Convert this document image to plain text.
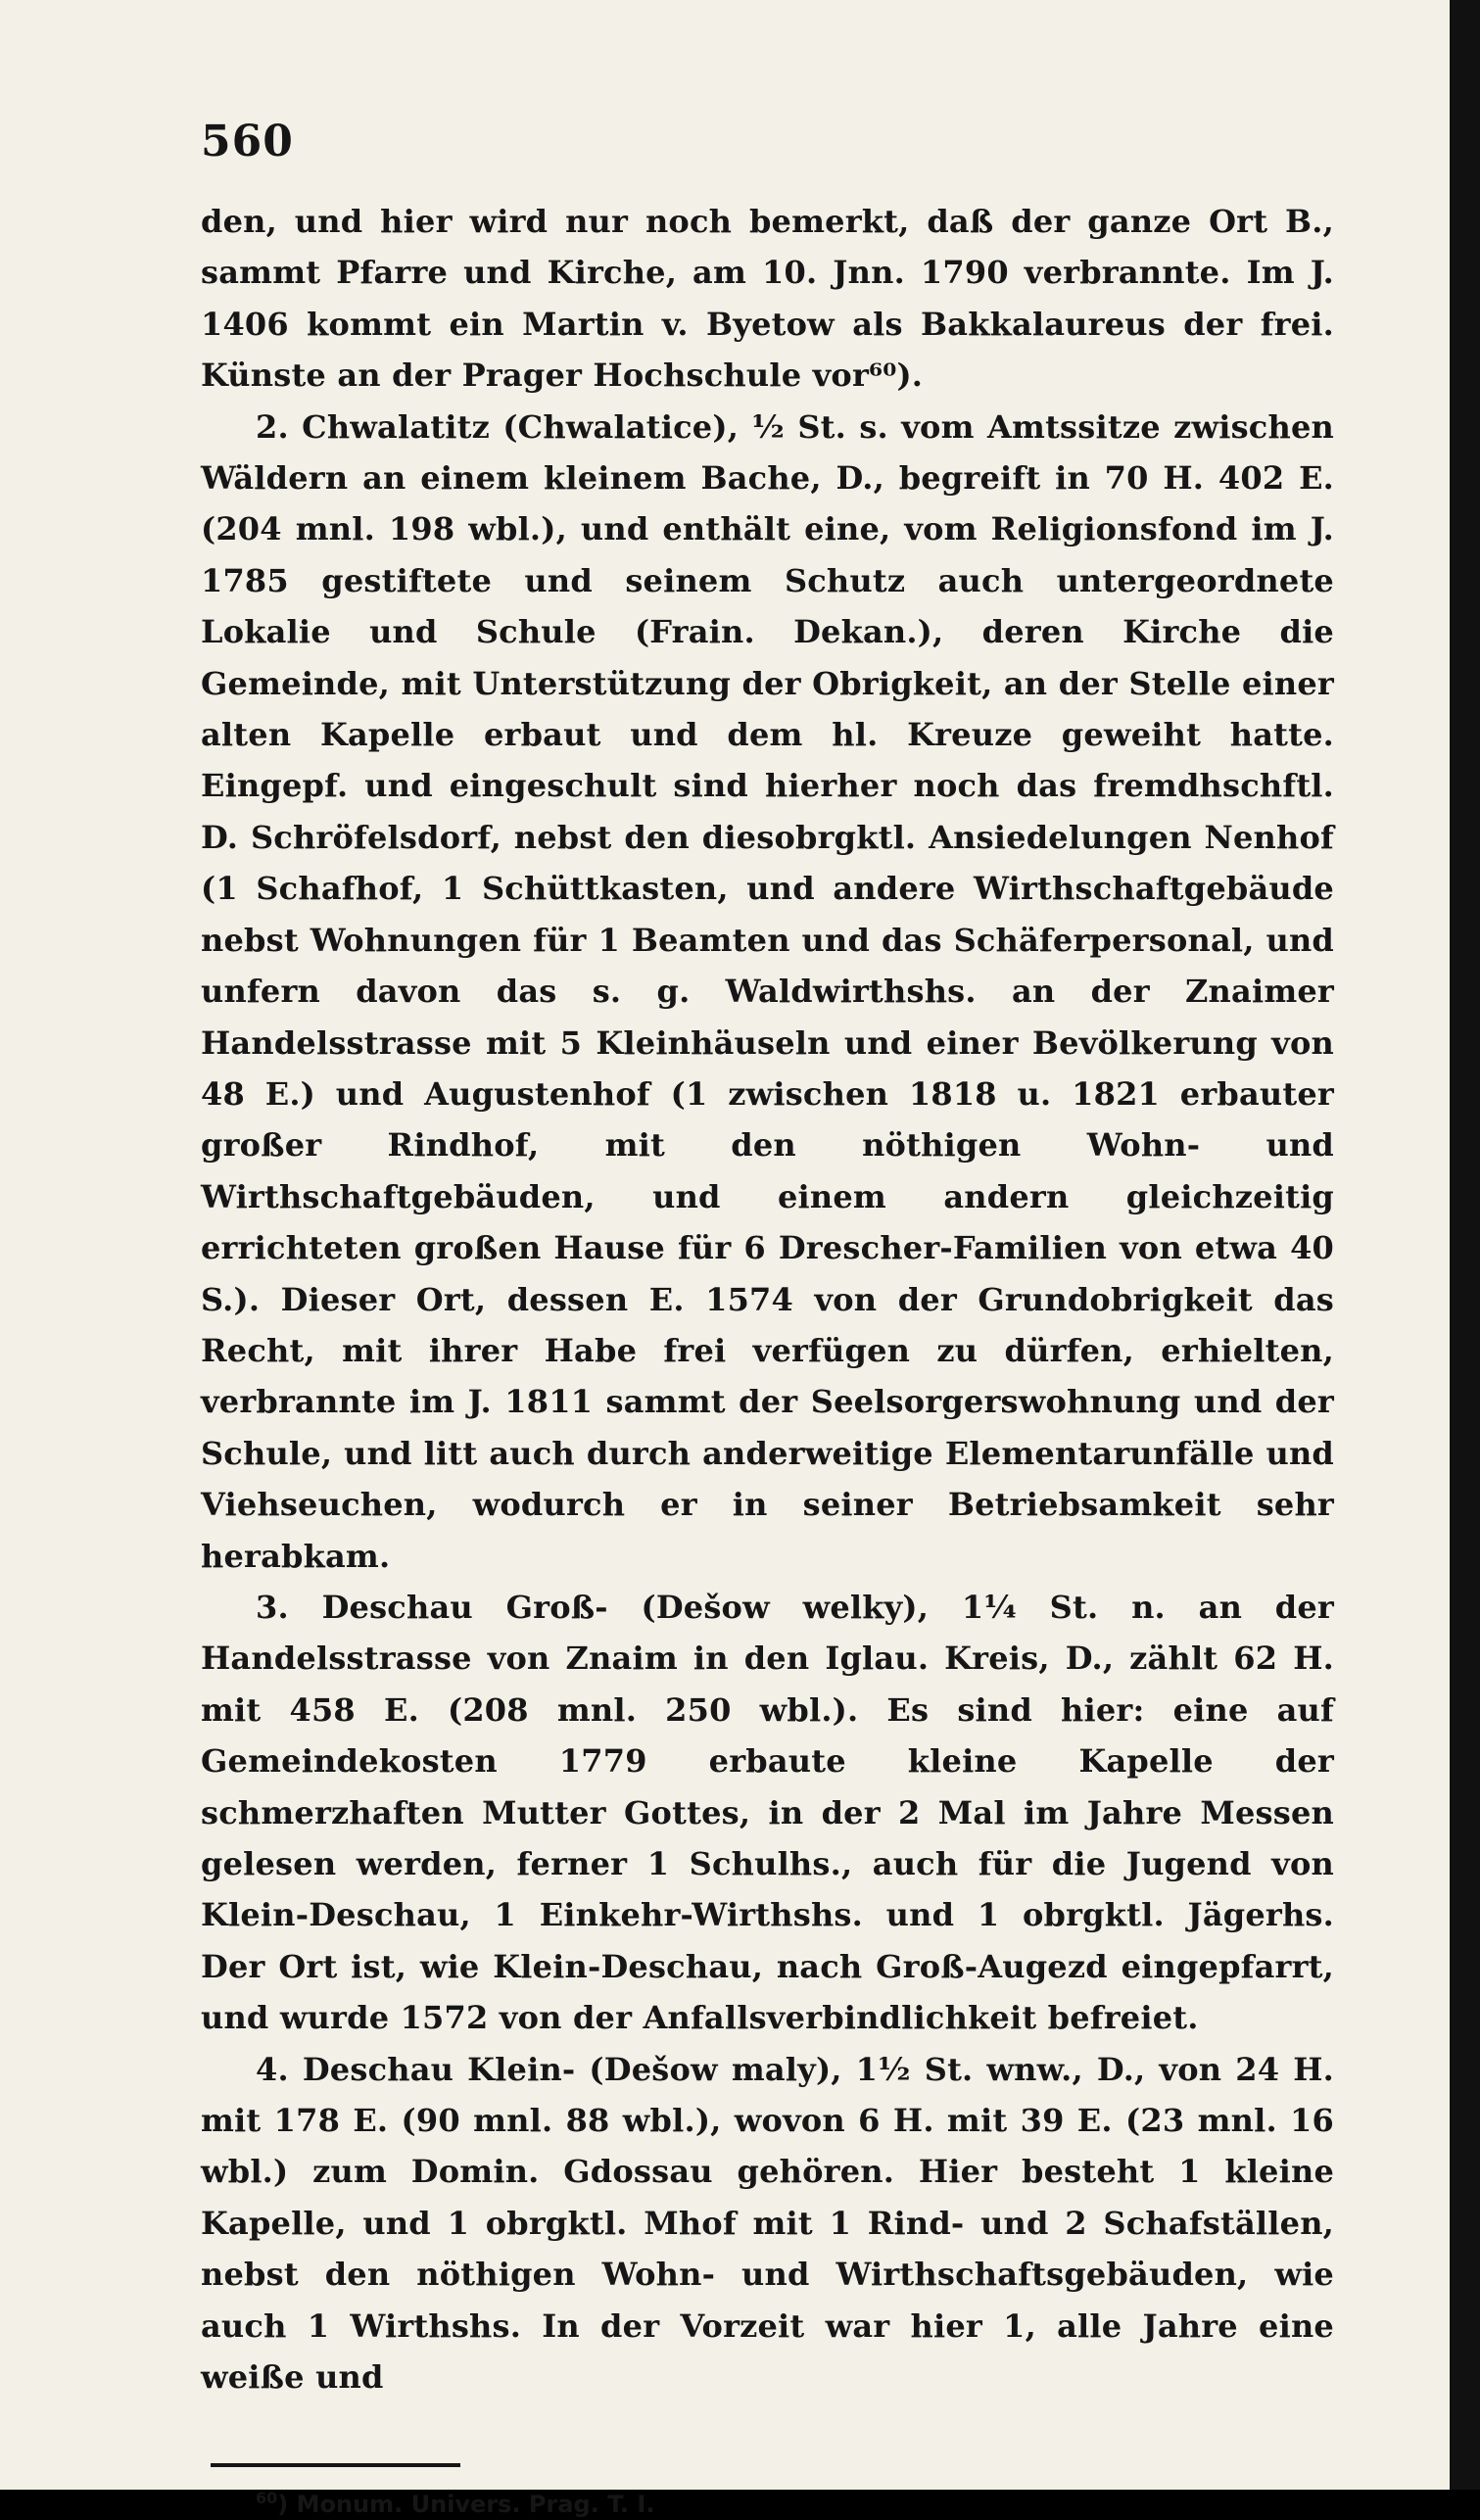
560

den, und hier wird nur noch bemerkt, daß der ganze Ort B., sammt Pfarre und Kirche, am 10. Jnn. 1790 verbrannte. Im J. 1406 kommt ein Martin v. Byetow als Bakkalaureus der frei. Künste an der Prager Hochschule vor⁶⁰).

2. Chwalatitz (Chwalatice), ½ St. s. vom Amtssitze zwischen Wäldern an einem kleinem Bache, D., begreift in 70 H. 402 E. (204 mnl. 198 wbl.), und enthält eine, vom Religionsfond im J. 1785 gestiftete und seinem Schutz auch untergeordnete Lokalie und Schule (Frain. Dekan.), deren Kirche die Gemeinde, mit Unterstützung der Obrigkeit, an der Stelle einer alten Kapelle erbaut und dem hl. Kreuze geweiht hatte. Eingepf. und eingeschult sind hierher noch das fremdhschftl. D. Schröfelsdorf, nebst den diesobrgktl. Ansiedelungen Nenhof (1 Schafhof, 1 Schüttkasten, und andere Wirthschaftgebäude nebst Wohnungen für 1 Beamten und das Schäferpersonal, und unfern davon das s. g. Waldwirthshs. an der Znaimer Handelsstrasse mit 5 Kleinhäuseln und einer Bevölkerung von 48 E.) und Augustenhof (1 zwischen 1818 u. 1821 erbauter großer Rindhof, mit den nöthigen Wohn- und Wirthschaftgebäuden, und einem andern gleichzeitig errichteten großen Hause für 6 Drescher-Familien von etwa 40 S.). Dieser Ort, dessen E. 1574 von der Grundobrigkeit das Recht, mit ihrer Habe frei verfügen zu dürfen, erhielten, verbrannte im J. 1811 sammt der Seelsorgerswohnung und der Schule, und litt auch durch anderweitige Elementarunfälle und Viehseuchen, wodurch er in seiner Betriebsamkeit sehr herabkam.

3. Deschau Groß- (Dešow welky), 1¼ St. n. an der Handelsstrasse von Znaim in den Iglau. Kreis, D., zählt 62 H. mit 458 E. (208 mnl. 250 wbl.). Es sind hier: eine auf Gemeindekosten 1779 erbaute kleine Kapelle der schmerzhaften Mutter Gottes, in der 2 Mal im Jahre Messen gelesen werden, ferner 1 Schulhs., auch für die Jugend von Klein-Deschau, 1 Einkehr-Wirthshs. und 1 obrgktl. Jägerhs. Der Ort ist, wie Klein-Deschau, nach Groß-Augezd eingepfarrt, und wurde 1572 von der Anfallsverbindlichkeit befreiet.

4. Deschau Klein- (Dešow maly), 1½ St. wnw., D., von 24 H. mit 178 E. (90 mnl. 88 wbl.), wovon 6 H. mit 39 E. (23 mnl. 16 wbl.) zum Domin. Gdossau gehören. Hier besteht 1 kleine Kapelle, und 1 obrgktl. Mhof mit 1 Rind- und 2 Schafställen, nebst den nöthigen Wohn- und Wirthschaftsgebäuden, wie auch 1 Wirthshs. In der Vorzeit war hier 1, alle Jahre eine weiße und

$^{60}$) Monum. Univers. Prag. T. I.
